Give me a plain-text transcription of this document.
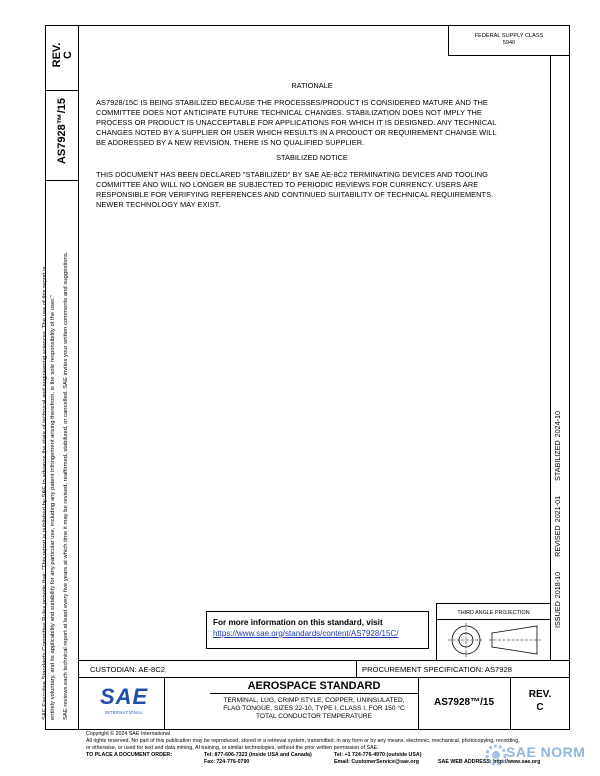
REV. C
AS7928™/15
SAE Executive Standards Committee Rules provide that: "This report is published by SAE to advance the state of technical and engineering sciences. The use of this report is entirely voluntary, and its applicability and suitability for any particular use, including any patent infringement arising therefrom, is the sole responsibility of the user." SAE reviews each technical report at least every five years at which time it may be revised, reaffirmed, stabilized, or cancelled. SAE invites your written comments and suggestions.
FEDERAL SUPPLY CLASS
5940
ISSUED 2018-10     REVISED 2021-01     STABILIZED 2024-10
RATIONALE
AS7928/15C IS BEING STABILIZED BECAUSE THE PROCESSES/PRODUCT IS CONSIDERED MATURE AND THE
COMMITTEE DOES NOT ANTICIPATE FUTURE TECHNICAL CHANGES. STABILIZATION DOES NOT IMPLY THE
PROCESS OR PRODUCT IS UNACCEPTABLE FOR APPLICATIONS FOR WHICH IT IS DESIGNED. ANY TECHNICAL
CHANGES NOTED BY A SUPPLIER OR USER WHICH RESULTS IN A PRODUCT OR REQUIREMENT CHANGE WILL
BE ADDRESSED BY A NEW REVISION. THERE IS NO QUALIFIED SUPPLIER.
STABILIZED NOTICE
THIS DOCUMENT HAS BEEN DECLARED "STABILIZED" BY SAE AE-8C2 TERMINATING DEVICES AND TOOLING
COMMITTEE AND WILL NO LONGER BE SUBJECTED TO PERIODIC REVIEWS FOR CURRENCY. USERS ARE
RESPONSIBLE FOR VERIFYING REFERENCES AND CONTINUED SUITABILITY OF TECHNICAL REQUIREMENTS.
NEWER TECHNOLOGY MAY EXIST.
For more information on this standard, visit
https://www.sae.org/standards/content/AS7928/15C/
THIRD ANGLE PROJECTION
CUSTODIAN: AE-8C2	PROCUREMENT SPECIFICATION: AS7928
SAE
INTERNATIONAL
AEROSPACE STANDARD
TERMINAL, LUG, CRIMP STYLE, COPPER, UNINSULATED,
FLAG TONGUE, SIZES 22-10, TYPE I, CLASS I, FOR 150 °C
TOTAL CONDUCTOR TEMPERATURE
AS7928™/15
REV.
C
Copyright © 2024 SAE International
All rights reserved. No part of this publication may be reproduced, stored in a retrieval system, transmitted, in any form or by any means, electronic, mechanical, photocopying, recording,
or otherwise, or used for text and data mining, AI training, or similar technologies, without the prior written permission of SAE.
TO PLACE A DOCUMENT ORDER:	Tel: 877-606-7323 (inside USA and Canada)
Fax: 724-776-0790
Tel: +1 724-776-4970 (outside USA)
Email: CustomerService@sae.org	SAE WEB ADDRESS: http://www.sae.org
SAE NORM
